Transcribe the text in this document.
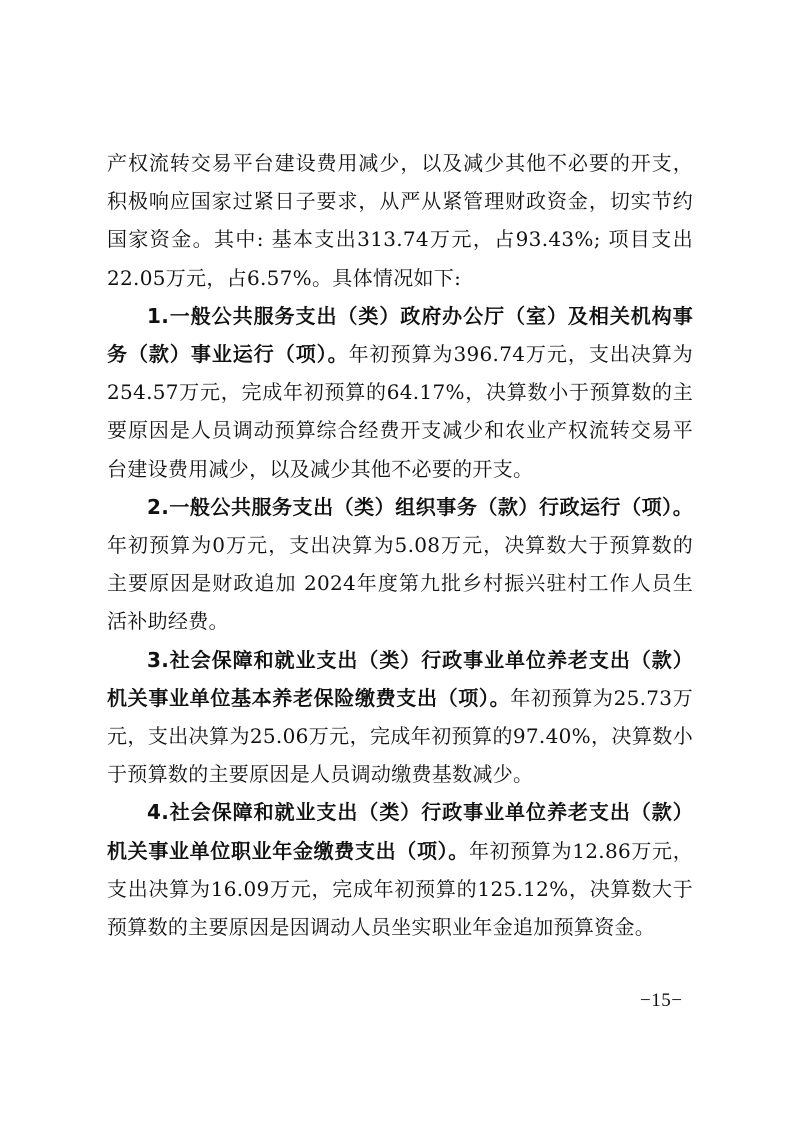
产权流转交易平台建设费用减少，以及减少其他不必要的开支，积极响应国家过紧日子要求，从严从紧管理财政资金，切实节约国家资金。其中: 基本支出313.74万元，占93.43%; 项目支出22.05万元，占6.57%。具体情况如下:

1.一般公共服务支出（类）政府办公厅（室）及相关机构事务（款）事业运行（项）。年初预算为396.74万元，支出决算为254.57万元，完成年初预算的64.17%，决算数小于预算数的主要原因是人员调动预算综合经费开支减少和农业产权流转交易平台建设费用减少，以及减少其他不必要的开支。

2.一般公共服务支出（类）组织事务（款）行政运行（项）。年初预算为0万元，支出决算为5.08万元，决算数大于预算数的主要原因是财政追加 2024年度第九批乡村振兴驻村工作人员生活补助经费。

3.社会保障和就业支出（类）行政事业单位养老支出（款）机关事业单位基本养老保险缴费支出（项）。年初预算为25.73万元，支出决算为25.06万元，完成年初预算的97.40%，决算数小于预算数的主要原因是人员调动缴费基数减少。

4.社会保障和就业支出（类）行政事业单位养老支出（款）机关事业单位职业年金缴费支出（项）。年初预算为12.86万元，支出决算为16.09万元，完成年初预算的125.12%，决算数大于预算数的主要原因是因调动人员坐实职业年金追加预算资金。

−15−
